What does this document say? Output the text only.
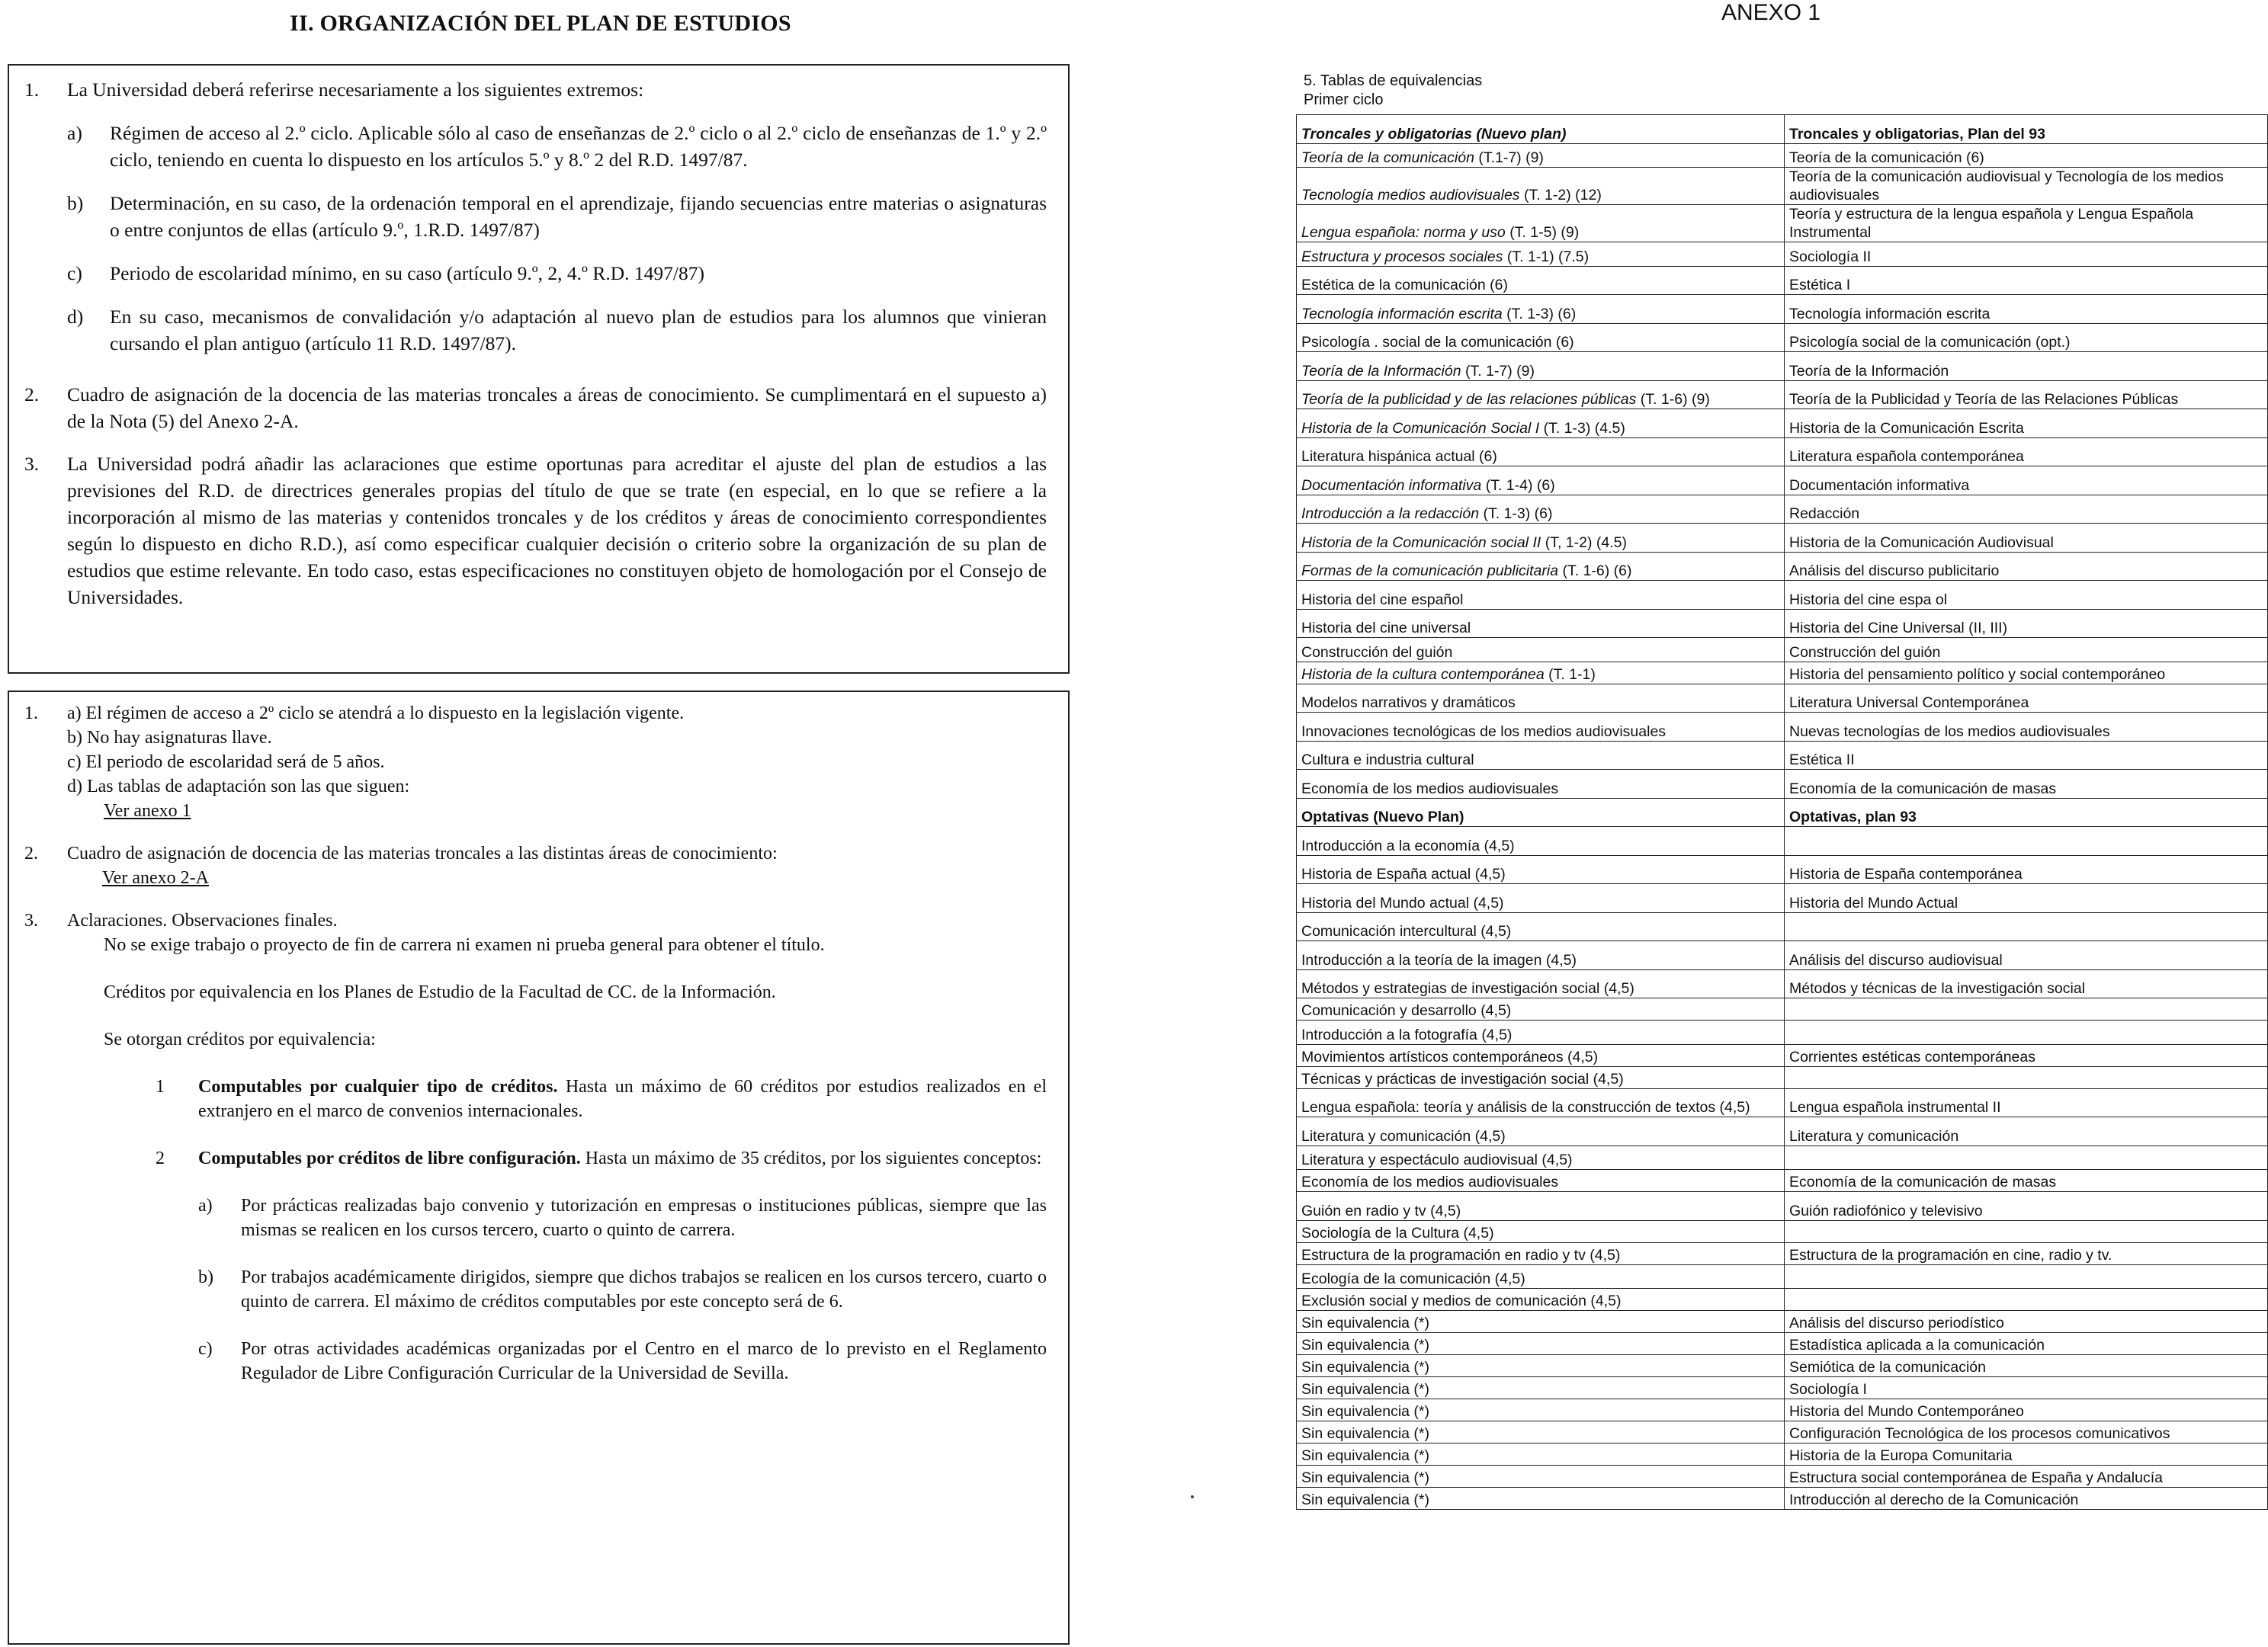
II. ORGANIZACIÓN DEL PLAN DE ESTUDIOS
1.	La Universidad deberá referirse necesariamente a los siguientes extremos:
a)	Régimen de acceso al 2.º ciclo. Aplicable sólo al caso de enseñanzas de 2.º ciclo o al 2.º ciclo de enseñanzas de 1.º y 2.º ciclo, teniendo en cuenta lo dispuesto en los artículos 5.º y 8.º 2 del R.D. 1497/87.
b)	Determinación, en su caso, de la ordenación temporal en el aprendizaje, fijando secuencias entre materias o asignaturas o entre conjuntos de ellas (artículo 9.º, 1.R.D. 1497/87)
c)	Periodo de escolaridad mínimo, en su caso (artículo 9.º, 2, 4.º R.D. 1497/87)
d)	En su caso, mecanismos de convalidación y/o adaptación al nuevo plan de estudios para los alumnos que vinieran cursando el plan antiguo (artículo 11 R.D. 1497/87).
2.	Cuadro de asignación de la docencia de las materias troncales a áreas de conocimiento. Se cumplimentará en el supuesto a) de la Nota (5) del Anexo 2-A.
3.	La Universidad podrá añadir las aclaraciones que estime oportunas para acreditar el ajuste del plan de estudios a las previsiones del R.D. de directrices generales propias del título de que se trate (en especial, en lo que se refiere a la incorporación al mismo de las materias y contenidos troncales y de los créditos y áreas de conocimiento correspondientes según lo dispuesto en dicho R.D.), así como especificar cualquier decisión o criterio sobre la organización de su plan de estudios que estime relevante. En todo caso, estas especificaciones no constituyen objeto de homologación por el Consejo de Universidades.
1.	a) El régimen de acceso a 2º ciclo se atendrá a lo dispuesto en la legislación vigente.
b) No hay asignaturas llave.
c) El periodo de escolaridad será de 5 años.
d) Las tablas de adaptación son las que siguen:
Ver anexo 1
2.	Cuadro de asignación de docencia de las materias troncales a las distintas áreas de conocimiento:
Ver anexo 2-A
3.	Aclaraciones. Observaciones finales.
No se exige trabajo o proyecto de fin de carrera ni examen ni prueba general para obtener el título.
Créditos por equivalencia en los Planes de Estudio de la Facultad de CC. de la Información.
Se otorgan créditos por equivalencia:
1	Computables por cualquier tipo de créditos. Hasta un máximo de 60 créditos por estudios realizados en el extranjero en el marco de convenios internacionales.
2	Computables por créditos de libre configuración. Hasta un máximo de 35 créditos, por los siguientes conceptos:
a)	Por prácticas realizadas bajo convenio y tutorización en empresas o instituciones públicas, siempre que las mismas se realicen en los cursos tercero, cuarto o quinto de carrera.
b)	Por trabajos académicamente dirigidos, siempre que dichos trabajos se realicen en los cursos tercero, cuarto o quinto de carrera. El máximo de créditos computables por este concepto será de 6.
c)	Por otras actividades académicas organizadas por el Centro en el marco de lo previsto en el Reglamento Regulador de Libre Configuración Curricular de la Universidad de Sevilla.
ANEXO 1
5. Tablas de equivalencias
Primer ciclo
Troncales y obligatorias (Nuevo plan)	Troncales y obligatorias, Plan del 93
Teoría de la comunicación (T.1-7) (9)	Teoría de la comunicación (6)
Tecnología medios audiovisuales (T. 1-2) (12)	Teoría de la comunicación audiovisual y Tecnología de los medios audiovisuales
Lengua española: norma y uso (T. 1-5) (9)	Teoría y estructura de la lengua española y Lengua Española Instrumental
Estructura y procesos sociales (T. 1-1) (7.5)	Sociología II
Estética de la comunicación (6)	Estética I
Tecnología información escrita (T. 1-3) (6)	Tecnología información escrita
Psicología . social de la comunicación (6)	Psicología social de la comunicación (opt.)
Teoría de la Información (T. 1-7) (9)	Teoría de la Información
Teoría de la publicidad y de las relaciones públicas (T. 1-6) (9)	Teoría de la Publicidad y Teoría de las Relaciones Públicas
Historia de la Comunicación Social I (T. 1-3) (4.5)	Historia de la Comunicación Escrita
Literatura hispánica actual (6)	Literatura española contemporánea
Documentación informativa (T. 1-4) (6)	Documentación informativa
Introducción a la redacción (T. 1-3) (6)	Redacción
Historia de la Comunicación social II (T, 1-2) (4.5)	Historia de la Comunicación Audiovisual
Formas de la comunicación publicitaria (T. 1-6) (6)	Análisis del discurso publicitario
Historia del cine español	Historia del cine espa ol
Historia del cine universal	Historia del Cine Universal (II, III)
Construcción del guión	Construcción del guión
Historia de la cultura contemporánea (T. 1-1)	Historia del pensamiento político y social contemporáneo
Modelos narrativos y dramáticos	Literatura Universal Contemporánea
Innovaciones tecnológicas de los medios audiovisuales	Nuevas tecnologías de los medios audiovisuales
Cultura e industria cultural	Estética II
Economía de los medios audiovisuales	Economía de la comunicación de masas
Optativas (Nuevo Plan)	Optativas, plan 93
Introducción a la economía (4,5)	
Historia de España actual (4,5)	Historia de España contemporánea
Historia del Mundo actual (4,5)	Historia del Mundo Actual
Comunicación intercultural (4,5)	
Introducción a la teoría de la imagen (4,5)	Análisis del discurso audiovisual
Métodos y estrategias de investigación social (4,5)	Métodos y técnicas de la investigación social
Comunicación y desarrollo (4,5)	
Introducción a la fotografía (4,5)	
Movimientos artísticos contemporáneos (4,5)	Corrientes estéticas contemporáneas
Técnicas y prácticas de investigación social (4,5)	
Lengua española: teoría y análisis de la construcción de textos (4,5)	Lengua española instrumental II
Literatura y comunicación (4,5)	Literatura y comunicación
Literatura y espectáculo audiovisual (4,5)	
Economía de los medios audiovisuales	Economía de la comunicación de masas
Guión en radio y tv (4,5)	Guión radiofónico y televisivo
Sociología de la Cultura (4,5)	
Estructura de la programación en radio y tv (4,5)	Estructura de la programación en cine, radio y tv.
Ecología de la comunicación (4,5)	
Exclusión social y medios de comunicación (4,5)	
Sin equivalencia (*)	Análisis del discurso periodístico
Sin equivalencia (*)	Estadística aplicada a la comunicación
Sin equivalencia (*)	Semiótica de la comunicación
Sin equivalencia (*)	Sociología I
Sin equivalencia (*)	Historia del Mundo Contemporáneo
Sin equivalencia (*)	Configuración Tecnológica de los procesos comunicativos
Sin equivalencia (*)	Historia de la Europa Comunitaria
Sin equivalencia (*)	Estructura social contemporánea de España y Andalucía
Sin equivalencia (*)	Introducción al derecho de la Comunicación
